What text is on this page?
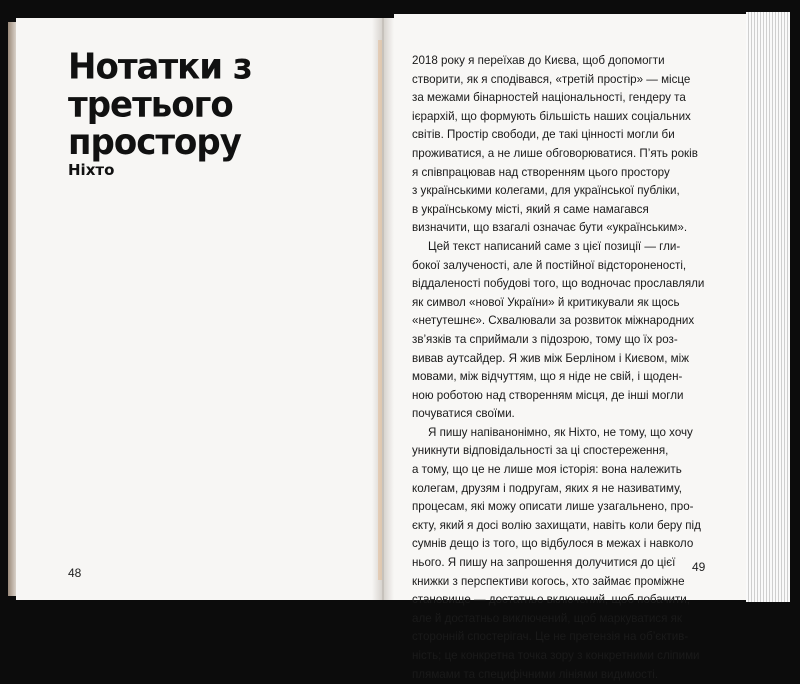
Нотатки з
третього
простору

Ніхто

48
2018 року я переїхав до Києва, щоб допомогти
створити, як я сподівався, «третій простір» — місце
за межами бінарностей національності, гендеру та
ієрархій, що формують більшість наших соціальних
світів. Простір свободи, де такі цінності могли би
проживатися, а не лише обговорюватися. П’ять років
я співпрацював над створенням цього простору
з українськими колегами, для української публіки,
в українському місті, який я саме намагався
визначити, що взагалі означає бути «українським».
Цей текст написаний саме з цієї позиції — гли-
бокої залученості, але й постійної відстороненості,
віддаленості побудові того, що водночас прославляли
як символ «нової України» й критикували як щось
«нетутешнє». Схвалювали за розвиток міжнародних
зв’язків та сприймали з підозрою, тому що їх роз-
вивав аутсайдер. Я жив між Берліном і Києвом, між
мовами, між відчуттям, що я ніде не свій, і щоден-
ною роботою над створенням місця, де інші могли
почуватися своїми.
Я пишу напіванонімно, як Ніхто, не тому, що хочу
уникнути відповідальності за ці спостереження,
а тому, що це не лише моя історія: вона належить
колегам, друзям і подругам, яких я не називатиму,
процесам, які можу описати лише узагальнено, про-
єкту, який я досі волію захищати, навіть коли беру під
сумнів дещо із того, що відбулося в межах і навколо
нього. Я пишу на запрошення долучитися до цієї
книжки з перспективи когось, хто займає проміжне
становище — достатньо включений, щоб побачити,
але й достатньо виключений, щоб маркуватися як
сторонній спостерігач. Це не претензія на об’єктив-
ність; це конкретна точка зору з конкретними сліпими
плямами та специфічними лініями видимості.
49
